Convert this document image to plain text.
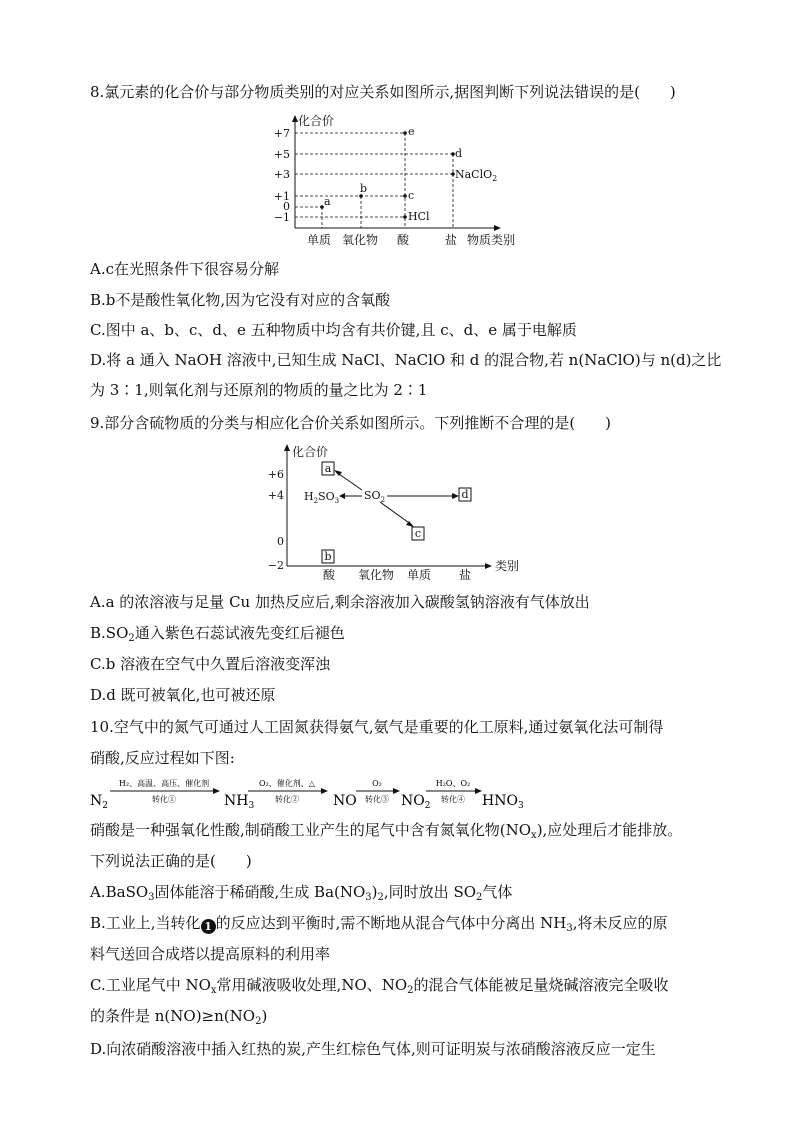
8.氯元素的化合价与部分物质类别的对应关系如图所示,据图判断下列说法错误的是(　　)
化合价
+7
+5
+3
+1
0
−1
a
b
e
c
HCl
d
NaClO$_2$
单质 氧化物 酸	盐 物质类别
A.c在光照条件下很容易分解
B.b不是酸性氧化物,因为它没有对应的含氧酸
C.图中 a、b、c、d、e 五种物质中均含有共价键,且 c、d、e 属于电解质
D.将 a 通入 NaOH 溶液中,已知生成 NaCl、NaClO 和 d 的混合物,若 n(NaClO)与 n(d)之比
为 3∶1,则氧化剂与还原剂的物质的量之比为 2∶1
9.部分含硫物质的分类与相应化合价关系如图所示。下列推断不合理的是(　　)
化合价
+6
+4
0
−2
a
d
c
b
$H_2SO_3$ $SO_2$
酸 氧化物 单质 盐
类别
A.a 的浓溶液与足量 Cu 加热反应后,剩余溶液加入碳酸氢钠溶液有气体放出
$B.SO_2$通入紫色石蕊试液先变红后褪色
C.b 溶液在空气中久置后溶液变浑浊
D.d 既可被氧化,也可被还原
10.空气中的氮气可通过人工固氮获得氨气,氨气是重要的化工原料,通过氨氧化法可制得
硝酸,反应过程如下图:
$N_2$	$NH_3$	NO	$NO_2$	$HNO_3$
H₂、高温、高压、催化剂
转化①
O₂、催化剂、△
转化②
O₂
转化③
H₂O、O₂
转化④
硝酸是一种强氧化性酸,制硝酸工业产生的尾气中含有氮氧化物$(NO_x)$,应处理后才能排放。
下列说法正确的是(　　)
A.BaSO$_3$固体能溶于稀硝酸,生成 $Ba(NO_3)_2$,同时放出 $SO_2$气体
B.工业上,当转化 1 的反应达到平衡时,需不断地从混合气体中分离出 $NH_3$,将未反应的原
料气送回合成塔以提高原料的利用率
C.工业尾气中 $NO_x$常用碱液吸收处理,NO、$NO_2$的混合气体能被足量烧碱溶液完全吸收
的条件是 $n(NO)\ge n(NO_2)$
D.向浓硝酸溶液中插入红热的炭,产生红棕色气体,则可证明炭与浓硝酸溶液反应一定生
